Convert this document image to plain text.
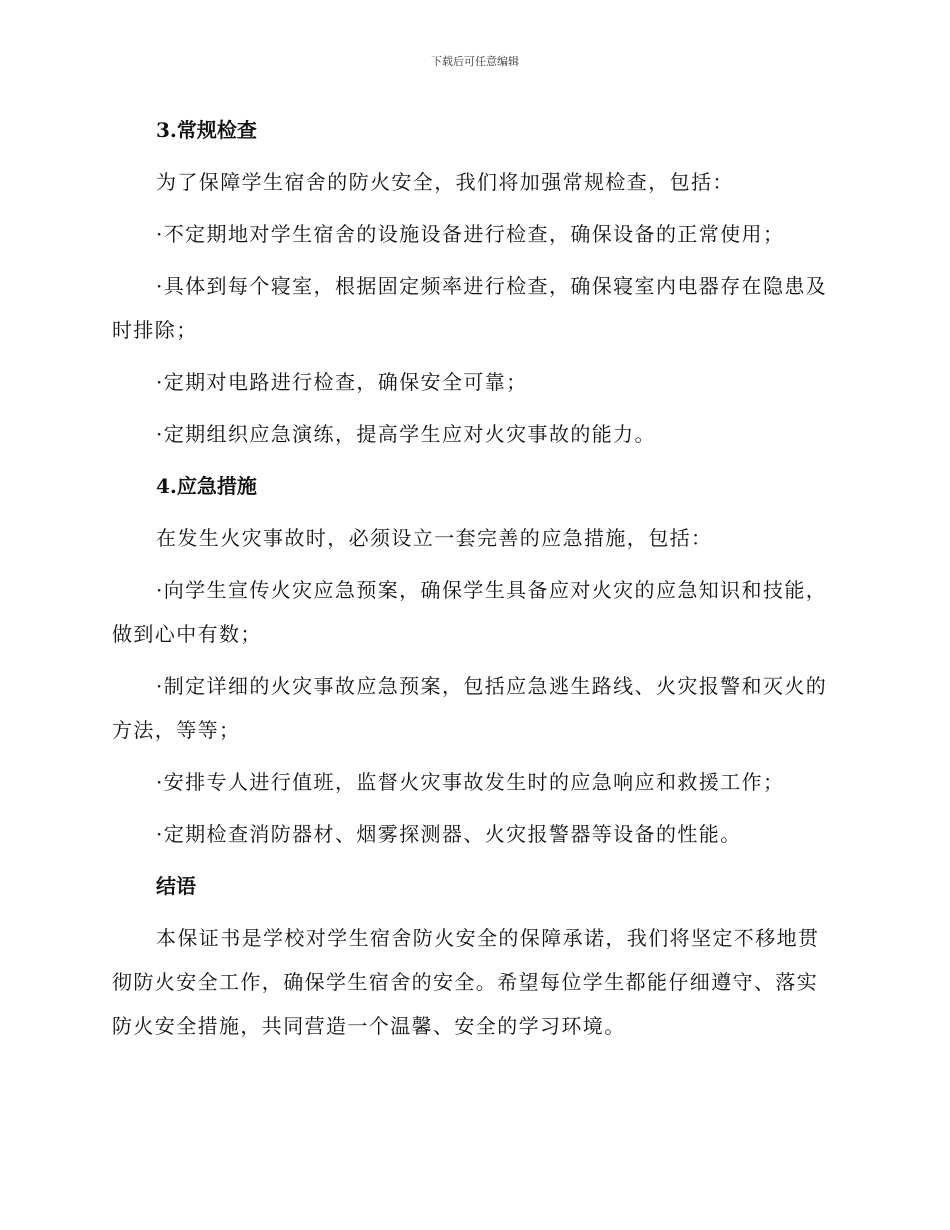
下载后可任意编辑
3.常规检查
为了保障学生宿舍的防火安全，我们将加强常规检查，包括：
·不定期地对学生宿舍的设施设备进行检查，确保设备的正常使用；
·具体到每个寝室，根据固定频率进行检查，确保寝室内电器存在隐患及时排除；
·定期对电路进行检查，确保安全可靠；
·定期组织应急演练，提高学生应对火灾事故的能力。
4.应急措施
在发生火灾事故时，必须设立一套完善的应急措施，包括：
·向学生宣传火灾应急预案，确保学生具备应对火灾的应急知识和技能，做到心中有数；
·制定详细的火灾事故应急预案，包括应急逃生路线、火灾报警和灭火的方法，等等；
·安排专人进行值班，监督火灾事故发生时的应急响应和救援工作；
·定期检查消防器材、烟雾探测器、火灾报警器等设备的性能。
结语
本保证书是学校对学生宿舍防火安全的保障承诺，我们将坚定不移地贯彻防火安全工作，确保学生宿舍的安全。希望每位学生都能仔细遵守、落实防火安全措施，共同营造一个温馨、安全的学习环境。
